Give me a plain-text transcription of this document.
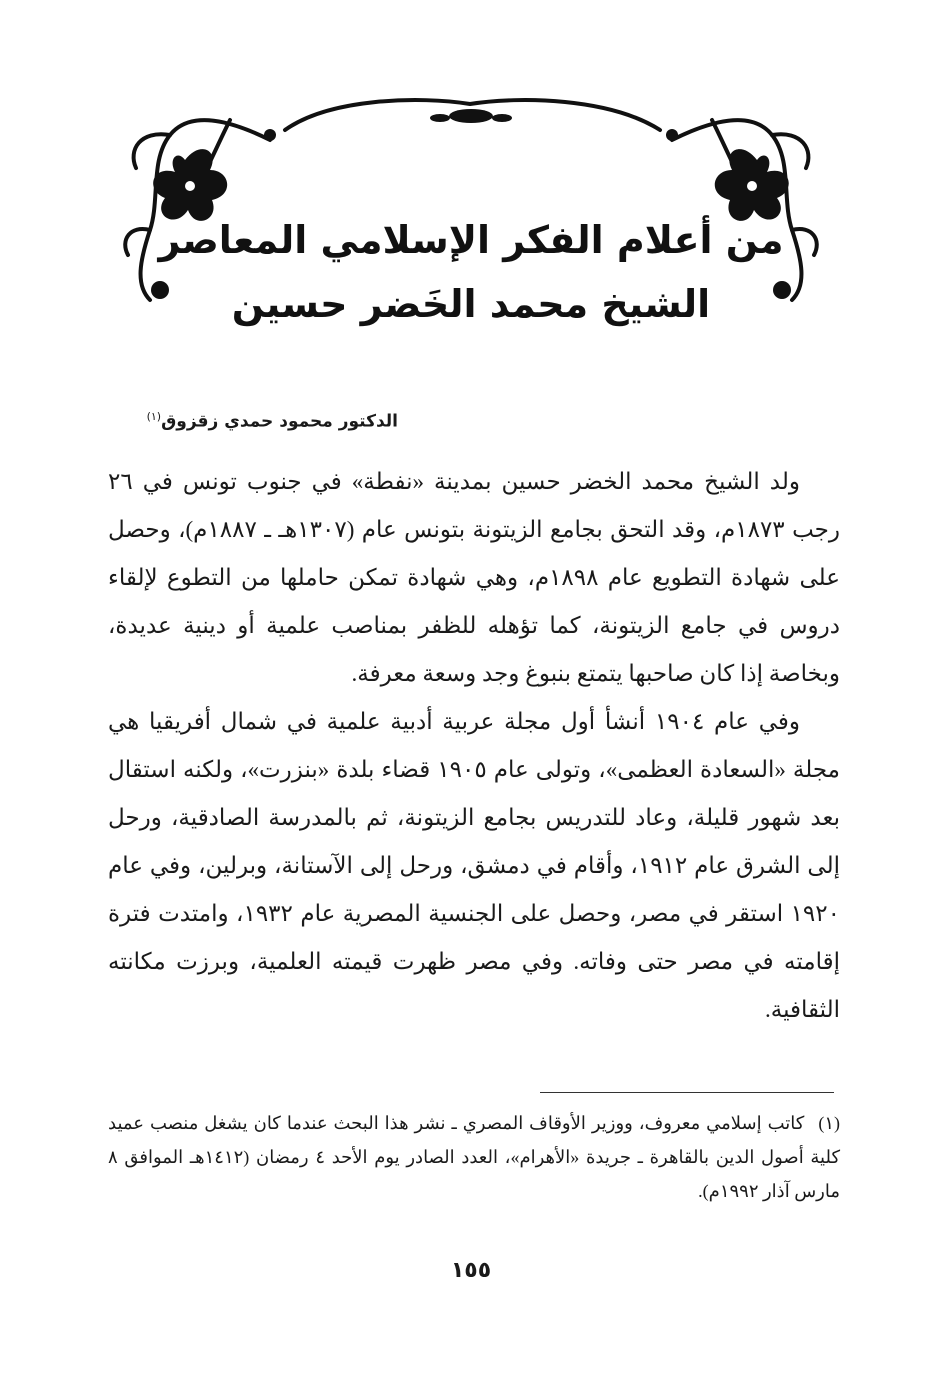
من أعلام الفكر الإسلامي المعاصر
الشيخ محمد الخَضر حسين
الدكتور محمود حمدي زقزوق$^{(١)}$

ولد الشيخ محمد الخضر حسين بمدينة «نفطة» في جنوب تونس في ٢٦ رجب ١٨٧٣م، وقد التحق بجامع الزيتونة بتونس عام (١٣٠٧هـ ـ ١٨٨٧م)، وحصل على شهادة التطويع عام ١٨٩٨م، وهي شهادة تمكن حاملها من التطوع لإلقاء دروس في جامع الزيتونة، كما تؤهله للظفر بمناصب علمية أو دينية عديدة، وبخاصة إذا كان صاحبها يتمتع بنبوغ وجد وسعة معرفة.

وفي عام ١٩٠٤ أنشأ أول مجلة عربية أدبية علمية في شمال أفريقيا هي مجلة «السعادة العظمى»، وتولى عام ١٩٠٥ قضاء بلدة «بنزرت»، ولكنه استقال بعد شهور قليلة، وعاد للتدريس بجامع الزيتونة، ثم بالمدرسة الصادقية، ورحل إلى الشرق عام ١٩١٢، وأقام في دمشق، ورحل إلى الآستانة، وبرلين، وفي عام ١٩٢٠ استقر في مصر، وحصل على الجنسية المصرية عام ١٩٣٢، وامتدت فترة إقامته في مصر حتى وفاته. وفي مصر ظهرت قيمته العلمية، وبرزت مكانته الثقافية.

(١)كاتب إسلامي معروف، ووزير الأوقاف المصري ـ نشر هذا البحث عندما كان يشغل منصب عميد كلية أصول الدين بالقاهرة ـ جريدة «الأهرام»، العدد الصادر يوم الأحد ٤ رمضان (١٤١٢هـ الموافق ٨ مارس آذار ١٩٩٢م).
١٥٥
